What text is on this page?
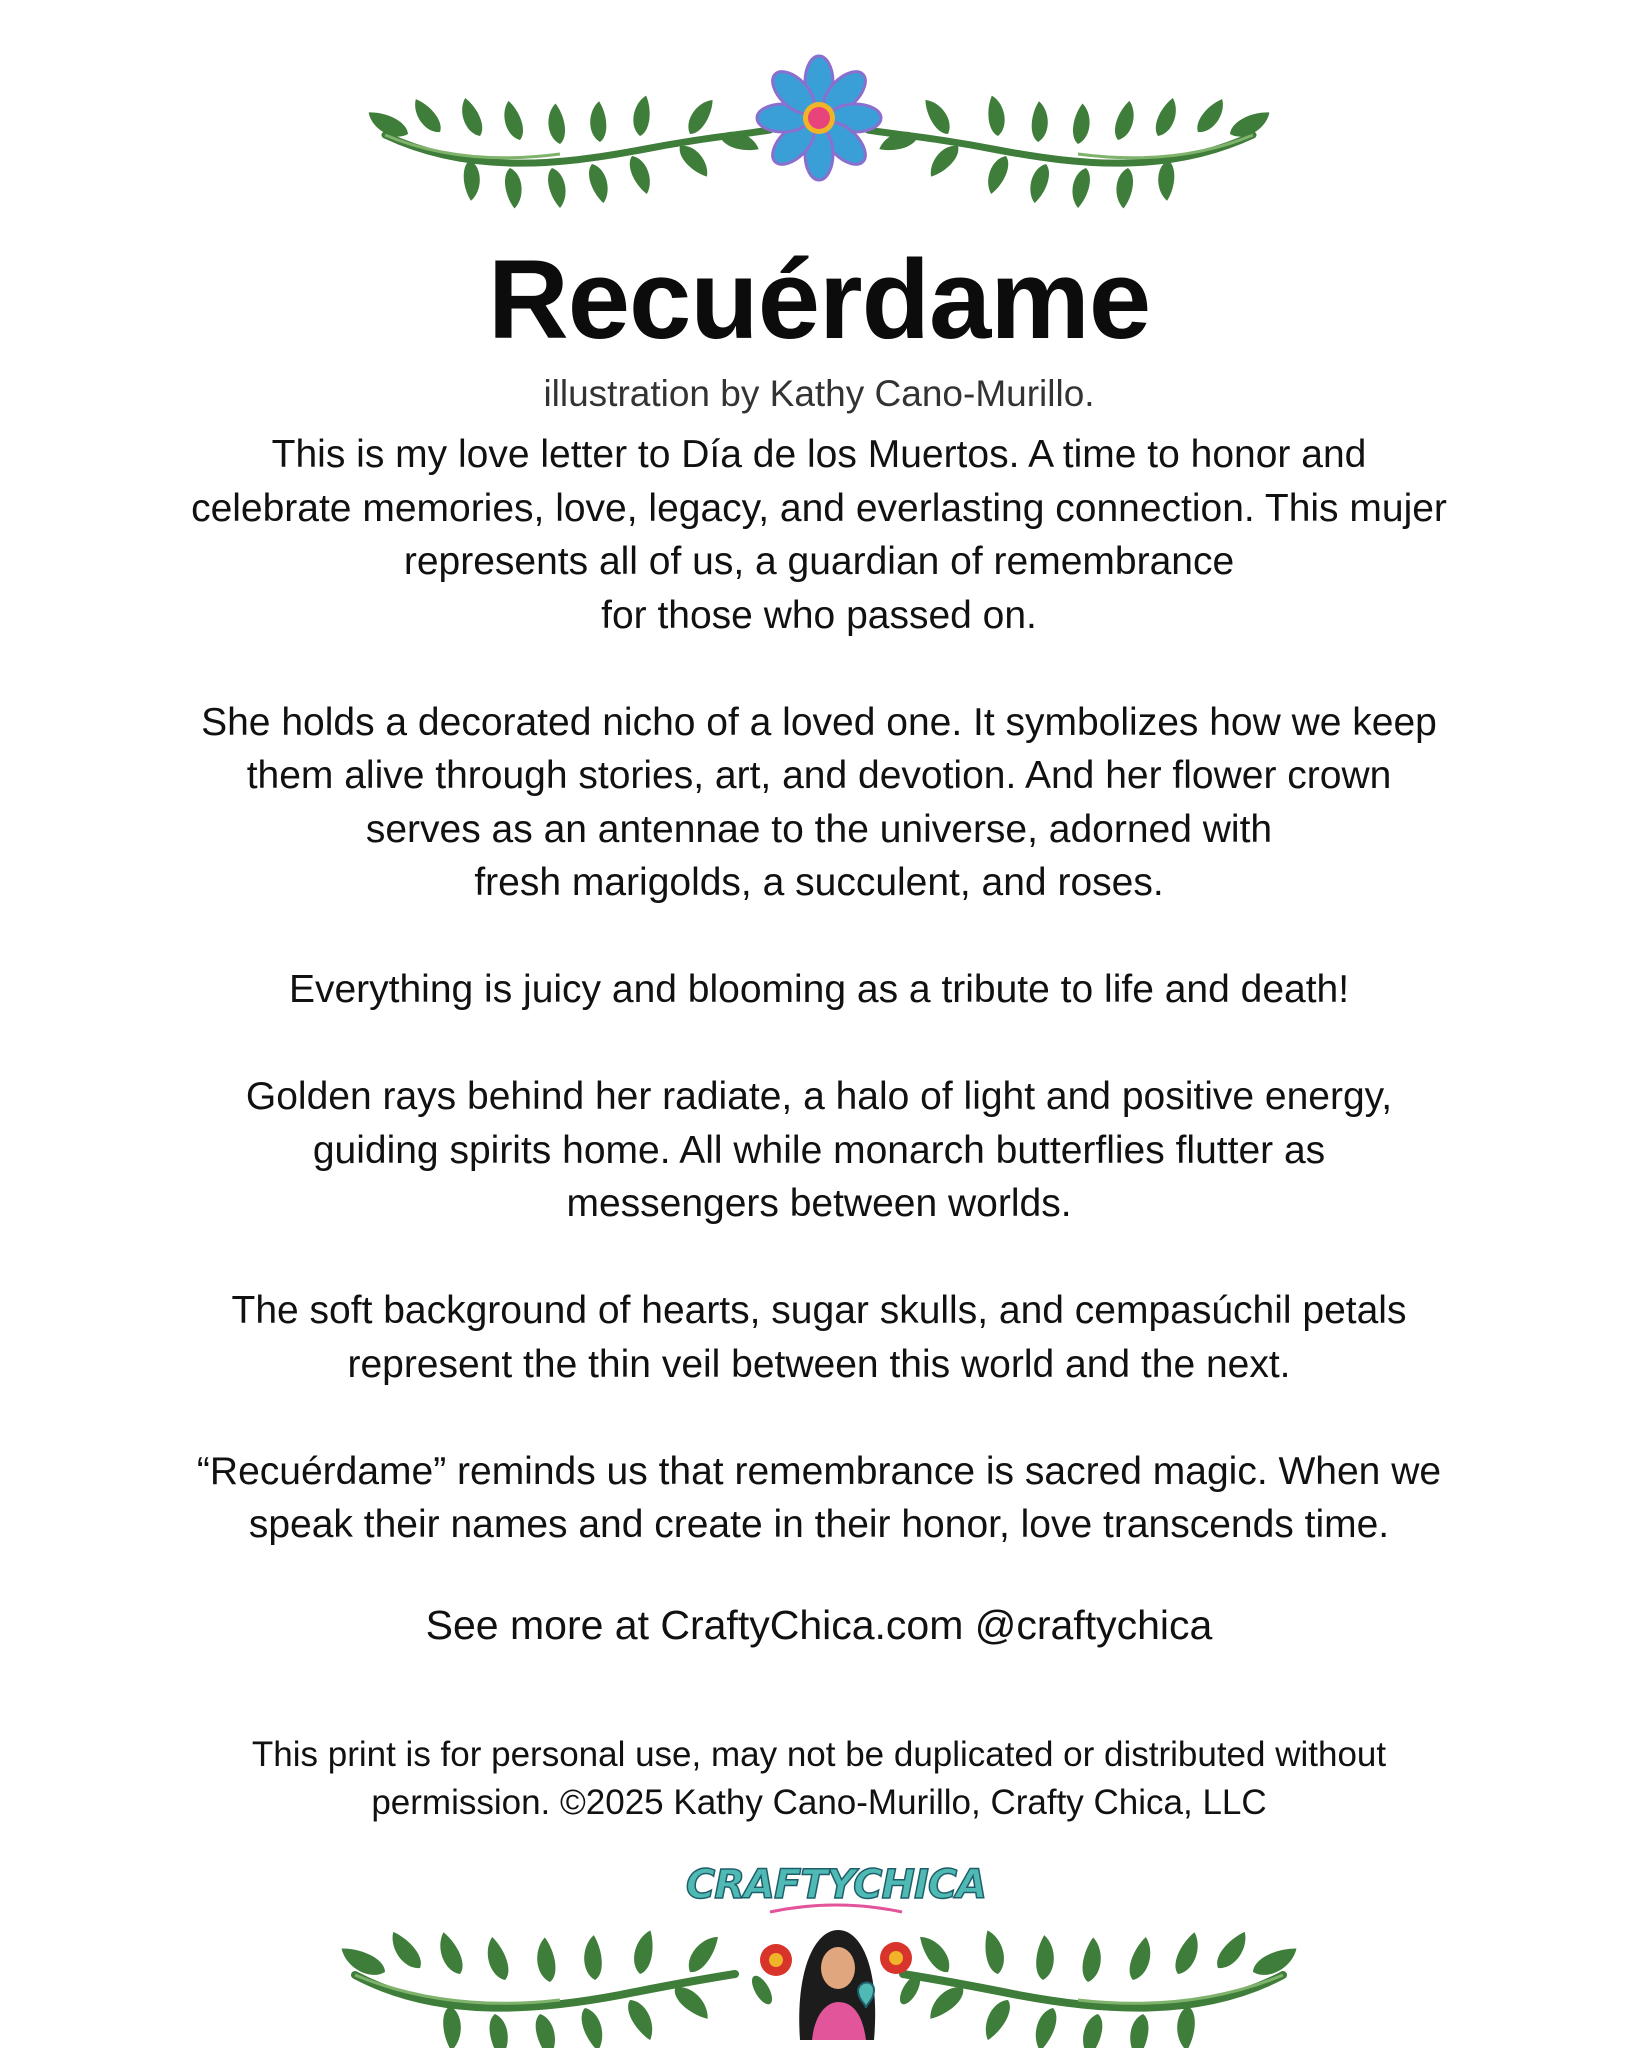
Recuérdame
illustration by Kathy Cano-Murillo.

This is my love letter to Día de los Muertos. A time to honor and
celebrate memories, love, legacy, and everlasting connection. This mujer
represents all of us, a guardian of remembrance
for those who passed on.

She holds a decorated nicho of a loved one. It symbolizes how we keep
them alive through stories, art, and devotion. And her flower crown
serves as an antennae to the universe, adorned with
fresh marigolds, a succulent, and roses.

Everything is juicy and blooming as a tribute to life and death!

Golden rays behind her radiate, a halo of light and positive energy,
guiding spirits home. All while monarch butterflies flutter as
messengers between worlds.

The soft background of hearts, sugar skulls, and cempasúchil petals
represent the thin veil between this world and the next.

“Recuérdame” reminds us that remembrance is sacred magic. When we
speak their names and create in their honor, love transcends time.

See more at CraftyChica.com @craftychica

This print is for personal use, may not be duplicated or distributed without
permission. ©2025 Kathy Cano-Murillo, Crafty Chica, LLC

CRAFTYCHICA
